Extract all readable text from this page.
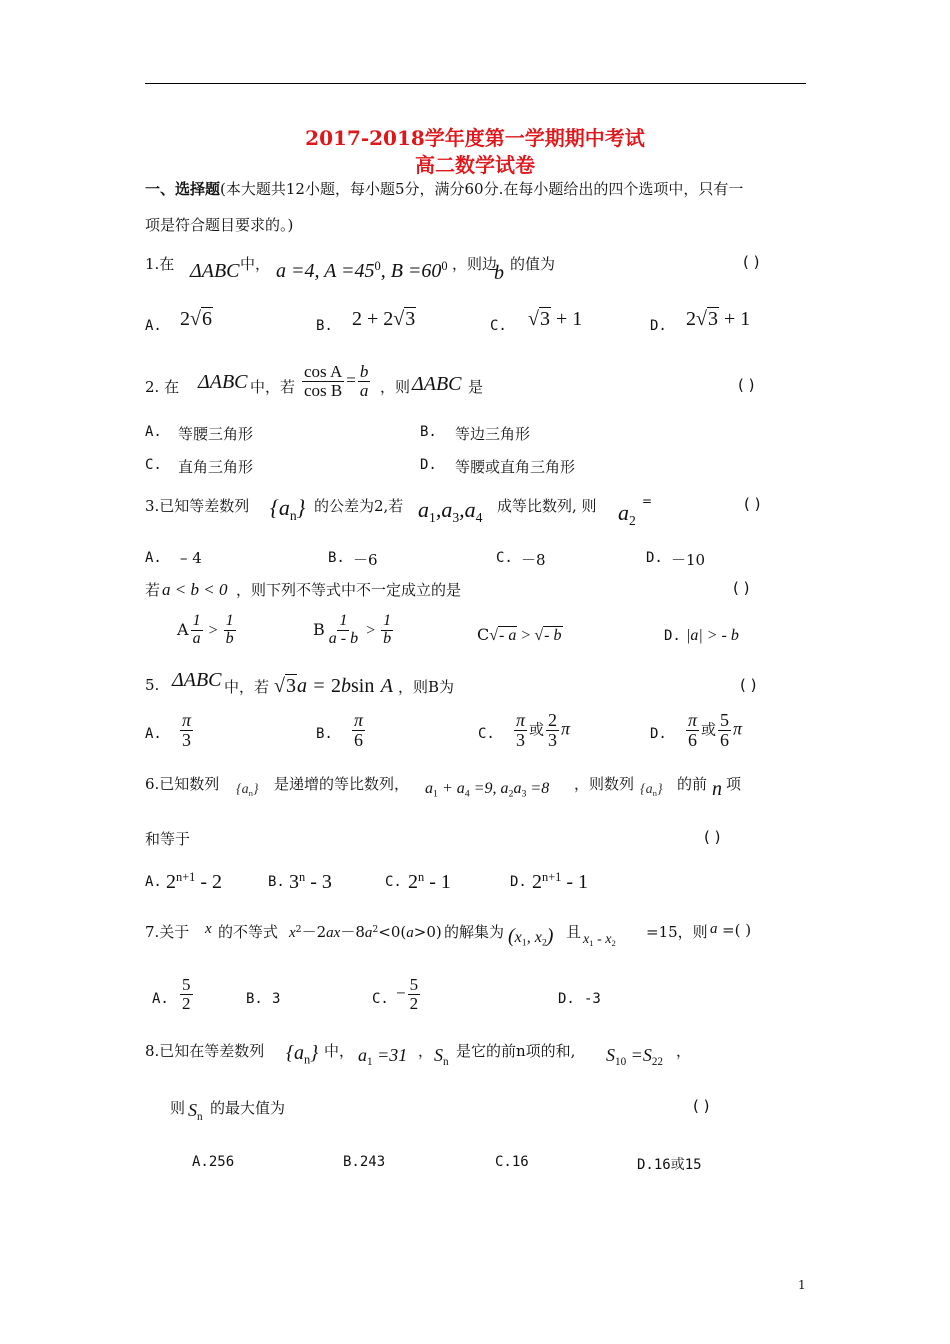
2017-2018学年度第一学期期中考试
高二数学试卷
一、选择题(本大题共12小题，每小题5分，满分60分.在每小题给出的四个选项中，只有一
项是符合题目要求的。)
1.在 ΔABC 中， a =4, $A =45^0$, $B =60^0$ ，则边
b 的值为	( )
A. 2√6	B. 2 + 2√3	C. √3 + 1	D. 2√3 + 1
2. 在 ΔABC 中，若 $\frac{\text{cos A}}{\text{cos B}} = \frac{b}{a}$ ，则 ΔABC 是	( )
A. 等腰三角形	B. 等边三角形
C. 直角三角形	D. 等腰或直角三角形
3.已知等差数列 $\{a_n\}$ 的公差为2,若 $a_1,a_3,a_4$
成等比数列, 则 $a_2$
=	( )
A. – 4	B. －6	C. －8	D. －10
若 a < b < 0 ，则下列不等式中不一定成立的是	( )
A $\frac{1}{a} > \frac{1}{b}$	B $\frac{1}{a - b} > \frac{1}{b}$	C√- a > √- b	D. |a| > - b
5. ΔABC 中，若 √3a = 2bsin A ，则B为	( )
A. $\frac{\pi}{3}$	B. $\frac{\pi}{6}$	C. $\frac{\pi}{3}$ 或 $\frac{2}{3}$ π	D. $\frac{\pi}{6}$ 或 $\frac{5}{6}$ π
6.已知数列 $\{a_n\}$ 是递增的等比数列， $a_1 + a_4 =9$, $a_2a_3 =8$ ，则数列 $\{a_n\}$ 的前 n 项
和等于	( )
A. $2^{n+1} - 2$	B. 3$^n$ - 3	C. 2$^n$ - 1	D. $2^{n+1} - 1$
7.关于 x 的不等式 $x^2-2ax-8a^2<0(a>0)$ 的解集为 ($x_1$, $x_2$) 且 $x_1 - x_2$
=15，则 a =( )
A. $\frac{5}{2}$	B. 3	C. − $\frac{5}{2}$	D. -3
8.已知在等差数列 $\{a_n\}$ 中， $a_1 =31$ ， $S_n$
是它的前n项的和, $S_{10} =S_{22}$
，
则 $S_n$ 的最大值为	( )
A.256	B.243	C.16	D.16或15
1
